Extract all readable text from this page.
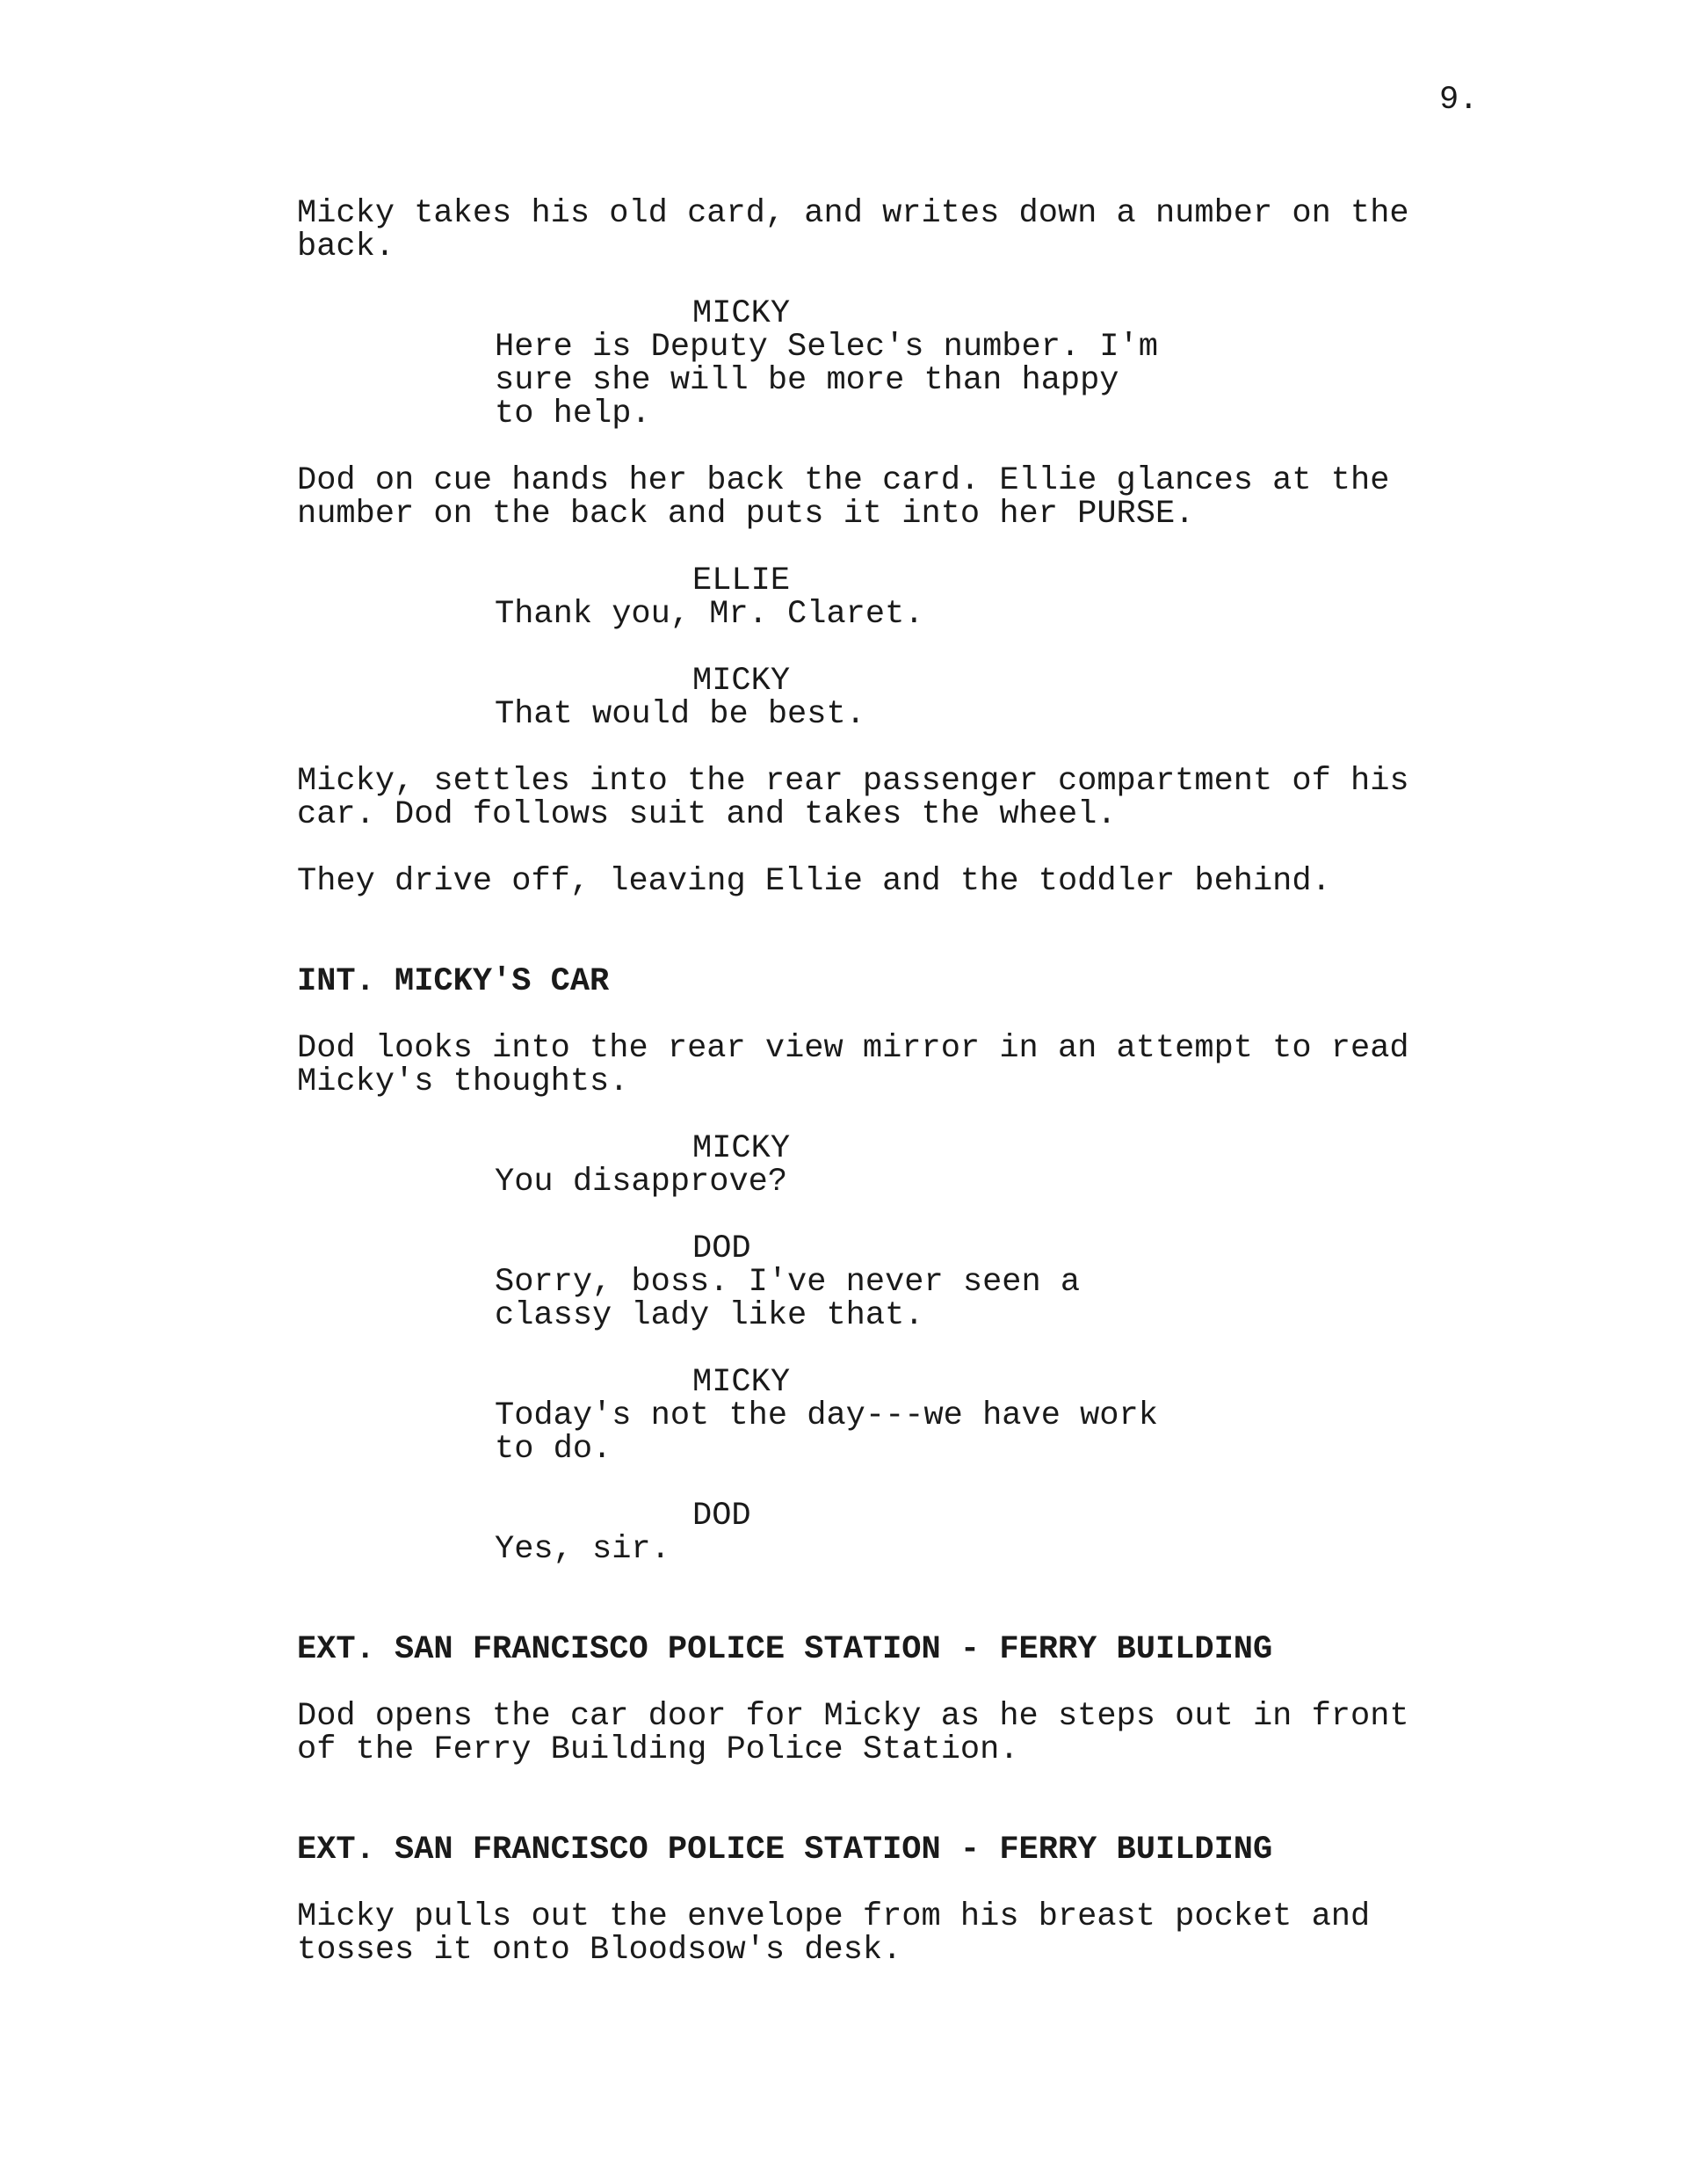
9.

Micky takes his old card, and writes down a number on the back.

MICKY

Here is Deputy Selec's number. I'm sure she will be more than happy to help.

Dod on cue hands her back the card. Ellie glances at the number on the back and puts it into her PURSE.

ELLIE

Thank you, Mr. Claret.

MICKY

That would be best.

Micky, settles into the rear passenger compartment of his car. Dod follows suit and takes the wheel.

They drive off, leaving Ellie and the toddler behind.

INT. MICKY'S CAR

Dod looks into the rear view mirror in an attempt to read Micky's thoughts.

MICKY

You disapprove?

DOD

Sorry, boss. I've never seen a classy lady like that.

MICKY

Today's not the day---we have work to do.

DOD

Yes, sir.

EXT. SAN FRANCISCO POLICE STATION - FERRY BUILDING

Dod opens the car door for Micky as he steps out in front of the Ferry Building Police Station.

EXT. SAN FRANCISCO POLICE STATION - FERRY BUILDING

Micky pulls out the envelope from his breast pocket and tosses it onto Bloodsow's desk.
